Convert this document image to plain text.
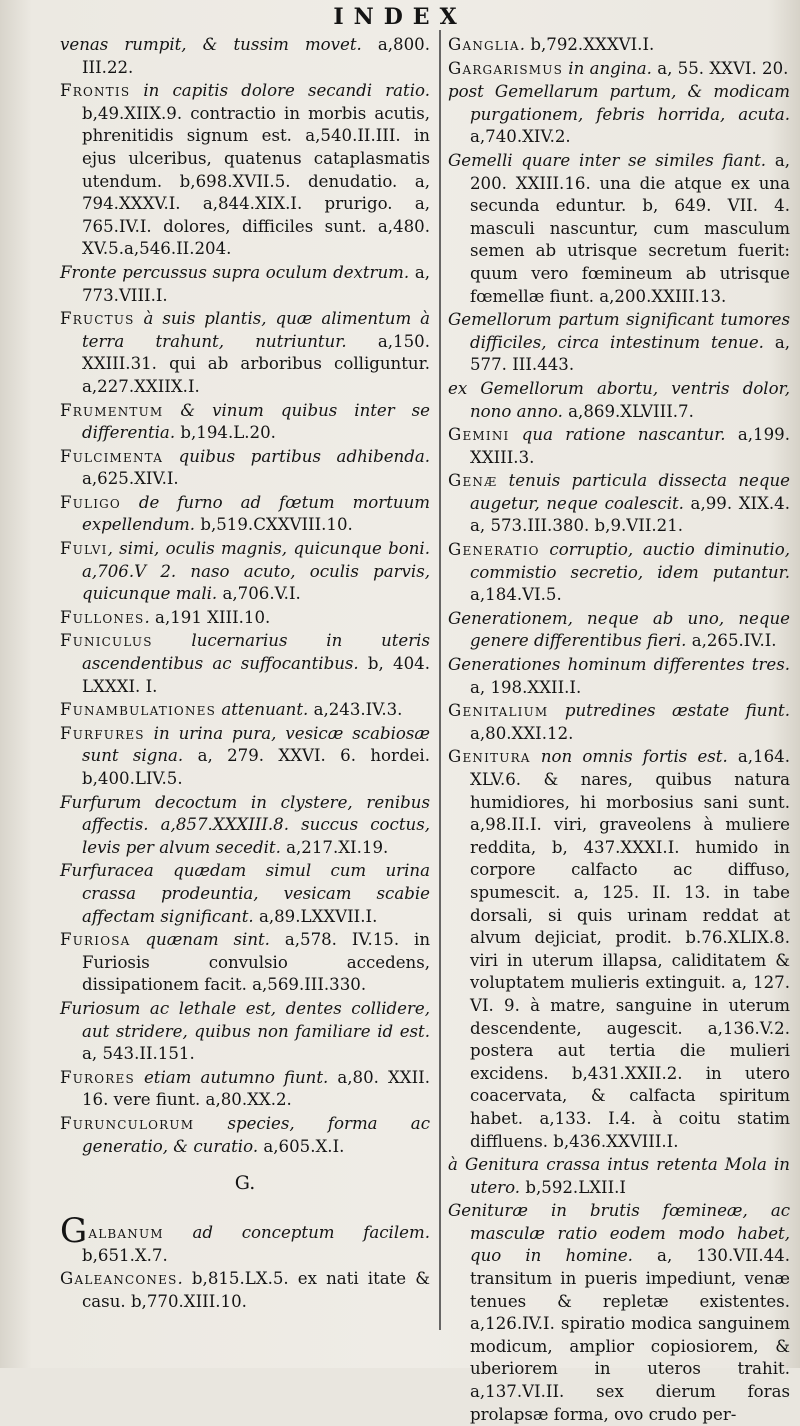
INDEX
venas rumpit, & tussim movet. a,800. III.22.
Frontis in capitis dolore secandi ratio. b,49.XIIX.9. contractio in morbis acutis, phrenitidis signum est. a,540.II.III. in ejus ulceribus, quatenus cataplasmatis utendum. b,698.XVII.5. denudatio. a, 794.XXXV.I. a,844.XIX.I. prurigo. a, 765.IV.I. dolores, difficiles sunt. a,480. XV.5.a,546.II.204.
Fronte percussus supra oculum dextrum. a, 773.VIII.I.
Fructus à suis plantis, quæ alimentum à terra trahunt, nutriuntur. a,150. XXIII.31. qui ab arboribus colliguntur. a,227.XXIIX.I.
Frumentum & vinum quibus inter se differentia. b,194.L.20.
Fulcimenta quibus partibus adhibenda. a,625.XIV.I.
Fuligo de furno ad fœtum mortuum expellendum. b,519.CXXVIII.10.
Fulvi, simi, oculis magnis, quicunque boni. a,706.V 2. naso acuto, oculis parvis, quicunque mali. a,706.V.I.
Fullones. a,191 XIII.10.
Funiculus lucernarius in uteris ascendentibus ac suffocantibus. b, 404. LXXXI. I.
Funambulationes attenuant. a,243.IV.3.
Furfures in urina pura, vesicæ scabiosæ sunt signa. a, 279. XXVI. 6. hordei. b,400.LIV.5.
Furfurum decoctum in clystere, renibus affectis. a,857.XXXIII.8. succus coctus, levis per alvum secedit. a,217.XI.19.
Furfuracea quædam simul cum urina crassa prodeuntia, vesicam scabie affectam significant. a,89.LXXVII.I.
Furiosa quænam sint. a,578. IV.15. in Furiosis convulsio accedens, dissipationem facit. a,569.III.330.
Furiosum ac lethale est, dentes collidere, aut stridere, quibus non familiare id est. a, 543.II.151.
Furores etiam autumno fiunt. a,80. XXII. 16. vere fiunt. a,80.XX.2.
Furunculorum species, forma ac generatio, & curatio. a,605.X.I.
G.
Galbanum ad conceptum facilem. b,651.X.7.
Galeancones. b,815.LX.5. ex nati itate & casu. b,770.XIII.10.
Ganglia. b,792.XXXVI.I.
Gargarismus in angina. a, 55. XXVI. 20.
post Gemellarum partum, & modicam purgationem, febris horrida, acuta. a,740.XIV.2.
Gemelli quare inter se similes fiant. a, 200. XXIII.16. una die atque ex una secunda eduntur. b, 649. VII. 4. masculi nascuntur, cum masculum semen ab utrisque secretum fuerit: quum vero fœmineum ab utrisque fœmellæ fiunt. a,200.XXIII.13.
Gemellorum partum significant tumores difficiles, circa intestinum tenue. a, 577. III.443.
ex Gemellorum abortu, ventris dolor, nono anno. a,869.XLVIII.7.
Gemini qua ratione nascantur. a,199. XXIII.3.
Genæ tenuis particula dissecta neque augetur, neque coalescit. a,99. XIX.4. a, 573.III.380. b,9.VII.21.
Generatio corruptio, auctio diminutio, commistio secretio, idem putantur. a,184.VI.5.
Generationem, neque ab uno, neque genere differentibus fieri. a,265.IV.I.
Generationes hominum differentes tres. a, 198.XXII.I.
Genitalium putredines æstate fiunt. a,80.XXI.12.
Genitura non omnis fortis est. a,164. XLV.6. & nares, quibus natura humidiores, hi morbosius sani sunt. a,98.II.I. viri, graveolens à muliere reddita, b, 437.XXXI.I. humido in corpore calfacto ac diffuso, spumescit. a, 125. II. 13. in tabe dorsali, si quis urinam reddat at alvum dejiciat, prodit. b.76.XLIX.8. viri in uterum illapsa, caliditatem & voluptatem mulieris extinguit. a, 127. VI. 9. à matre, sanguine in uterum descendente, augescit. a,136.V.2. postera aut tertia die mulieri excidens. b,431.XXII.2. in utero coacervata, & calfacta spiritum habet. a,133. I.4. à coitu statim diffluens. b,436.XXVIII.I.
à Genitura crassa intus retenta Mola in utero. b,592.LXII.I
Genituræ in brutis fœmineæ, ac masculæ ratio eodem modo habet, quo in homine. a, 130.VII.44. transitum in pueris impediunt, venæ tenues & repletæ existentes. a,126.IV.I. spiratio modica sanguinem modicum, amplior copiosiorem, & uberiorem in uteros trahit. a,137.VI.II. sex dierum foras prolapsæ forma, ovo crudo per-
